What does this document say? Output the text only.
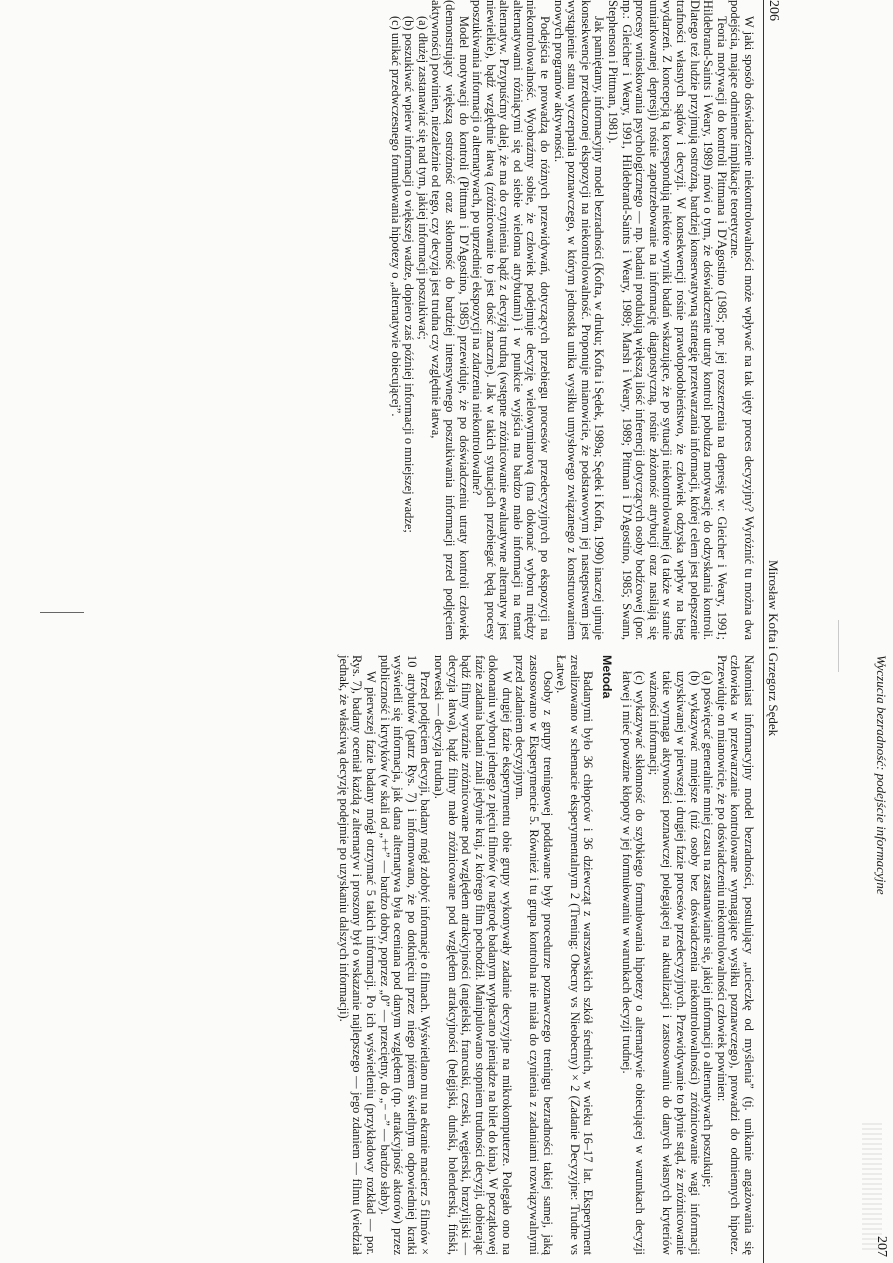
206
Mirosław Kofta i Grzegorz Sędek

W jaki sposób doświadczenie niekontrolowalności może wpływać na tak ujęty proces decyzyjny? Wyróżnić tu można dwa podejścia, mające odmienne implikacje teoretyczne.

Teoria motywacji do kontroli Pittmana i D'Agostino (1985; por. jej rozszerzenia na depresję w: Gleicher i Weary, 1991; Hildebrand-Saints i Weary, 1989) mówi o tym, że doświadczenie utraty kontroli pobudza motywację do odzyskania kontroli. Dlatego też ludzie przyjmują ostrożną, bardziej konserwatywną strategię przetwarzania informacji, której celem jest polepszenie trafności własnych sądów i decyzji. W konsekwencji rośnie prawdopodobieństwo, że człowiek odzyska wpływ na bieg wydarzeń. Z koncepcją tą korespondują niektóre wyniki badań wskazujące, że po sytuacji niekontrolowalnej (a także w stanie umiarkowanej depresji) rośnie zapotrzebowanie na informację diagnostyczną, rośnie złożoność atrybucji oraz nasilają się procesy wnioskowania psychologicznego — np. badani produkują większą ilość inferencji dotyczących osoby bodźcowej (por. np.: Gleicher i Weary, 1991, Hildebrand-Saints i Weary, 1989; Marsh i Weary, 1989; Pittman i D'Agostino, 1985; Swann, Stephenson i Pittman, 1981).

Jak pamiętamy, informacyjny model bezradności (Kofta, w druku; Kofta i Sędek, 1989a; Sędek i Kofta, 1990) inaczej ujmuje konsekwencje przeduczonej ekspozycji na niekontrolowalność. Proponuje mianowicie, że podstawowym jej następstwem jest wystąpienie stanu wyczerpania poznawczego, w którym jednostka unika wysiłku umysłowego związanego z konstruowaniem nowych programów aktywności.

Podejścia te prowadzą do różnych przewidywań, dotyczących przebiegu procesów przedecyzyjnych po ekspozycji na niekontrolowalność. Wyobraźmy sobie, że człowiek podejmuje decyzję wielowymiarową (ma dokonać wyboru między alternatywami różniącymi się od siebie wieloma atrybutami) i w punkcie wyjścia ma bardzo mało informacji na temat alternatyw. Przypuśćmy dalej, że ma do czynienia bądź z decyzją trudną (wstępne zróżnicowanie ewaluatywne alternatyw jest niewielkie), bądź względnie łatwą (zróżnicowanie to jest dość znaczne). Jak w takich sytuacjach przebiegać będą procesy poszukiwania informacji o alternatywach, po uprzedniej ekspozycji na zdarzenia niekontrolowalne?

Model motywacji do kontroli (Pittman i D'Agostino, 1985) przewiduje, że po doświadczeniu utraty kontroli człowiek (demonstrujący większą ostrożność oraz skłonność do bardziej intensywnego poszukiwania informacji przed podjęciem aktywności) powinien, niezależnie od tego, czy decyzja jest trudna czy względnie łatwa,

(a) dłużej zastanawiać się nad tym, jakiej informacji poszukiwać;

(b) poszukiwać wpierw informacji o większej wadze, dopiero zaś później informacji o mniejszej wadze;

(c) unikać przedwczesnego formułowania hipotezy o „alternatywie obiecującej”.

Natomiast informacyjny model bezradności, postulujący „ucieczkę od myślenia” (tj. unikanie angażowania się człowieka w przetwarzanie kontrolowane wymagające wysiłku poznawczego), prowadzi do odmiennych hipotez. Przewiduje on mianowicie, że po doświadczeniu niekontrolowalności człowiek powinien:

(a) poświęcać generalnie mniej czasu na zastanawianie się, jakiej informacji o alternatywach poszukuje;

(b) wykazywać mniejsze (niż osoby bez doświadczenia niekontrolowalności) zróżnicowanie wagi informacji uzyskiwanej w pierwszej i drugiej fazie procesów przedecyzyjnych. Przewidywanie to płynie stąd, że zróżnicowanie takie wymaga aktywności poznawczej polegającej na aktualizacji i zastosowaniu do danych własnych kryteriów ważności informacji;

(c) wykazywać skłonność do szybkiego formułowania hipotezy o alternatywie obiecującej w warunkach decyzji łatwej i mieć poważne kłopoty w jej formułowaniu w warunkach decyzji trudnej.

Metoda

Badanymi było 36 chłopców i 36 dziewcząt z warszawskich szkół średnich, w wieku 16–17 lat. Eksperyment zrealizowano w schemacie eksperymentalnym 2 (Trening: Obecny vs Nieobecny) × 2 (Zadanie Decyzyjne: Trudne vs Łatwe).

Osoby z grupy treningowej poddawane były procedurze poznawczego treningu bezradności takiej samej, jaką zastosowano w Eksperymencie 5. Również i tu grupa kontrolna nie miała do czynienia z zadaniami rozwiązywalnymi przed zadaniem decyzyjnym.

W drugiej fazie eksperymentu obie grupy wykonywały zadanie decyzyjne na mikrokomputerze. Polegało ono na dokonaniu wyboru jednego z pięciu filmów (w nagrodę badanym wypłacano pieniądze na bilet do kina). W początkowej fazie zadania badani znali jedynie kraj, z którego film pochodził. Manipulowano stopniem trudności decyzji, dobierając bądź filmy wyraźnie zróżnicowane pod względem atrakcyjności (angielski, francuski, czeski, węgierski, brazylijski — decyzja łatwa), bądź filmy mało zróżnicowane pod względem atrakcyjności (belgijski, duński, holenderski, fiński, norweski — decyzja trudna).

Przed podjęciem decyzji, badany mógł zdobyć informacje o filmach. Wyświetlano mu na ekranie macierz 5 filmów × 10 atrybutów (patrz Rys. 7) i informowano, że po dotknięciu przez niego piórem świetlnym odpowiedniej kratki wyświetli się informacja, jak dana alternatywa była oceniana pod danym względem (np. atrakcyjność aktorów) przez publiczność i krytyków (w skali od „++” — bardzo dobry, poprzez „0” — przeciętny, do „− −” — bardzo słaby).

W pierwszej fazie badany mógł otrzymać 5 takich informacji. Po ich wyświetleniu (przykładowy rozkład — por. Rys. 7), badany oceniał każdą z alternatyw i proszony był o wskazanie najlepszego — jego zdaniem — filmu (wiedział jednak, że właściwą decyzję podejmie po uzyskaniu dalszych informacji).	Wyczucia bezradność: podejście informacyjne
207
